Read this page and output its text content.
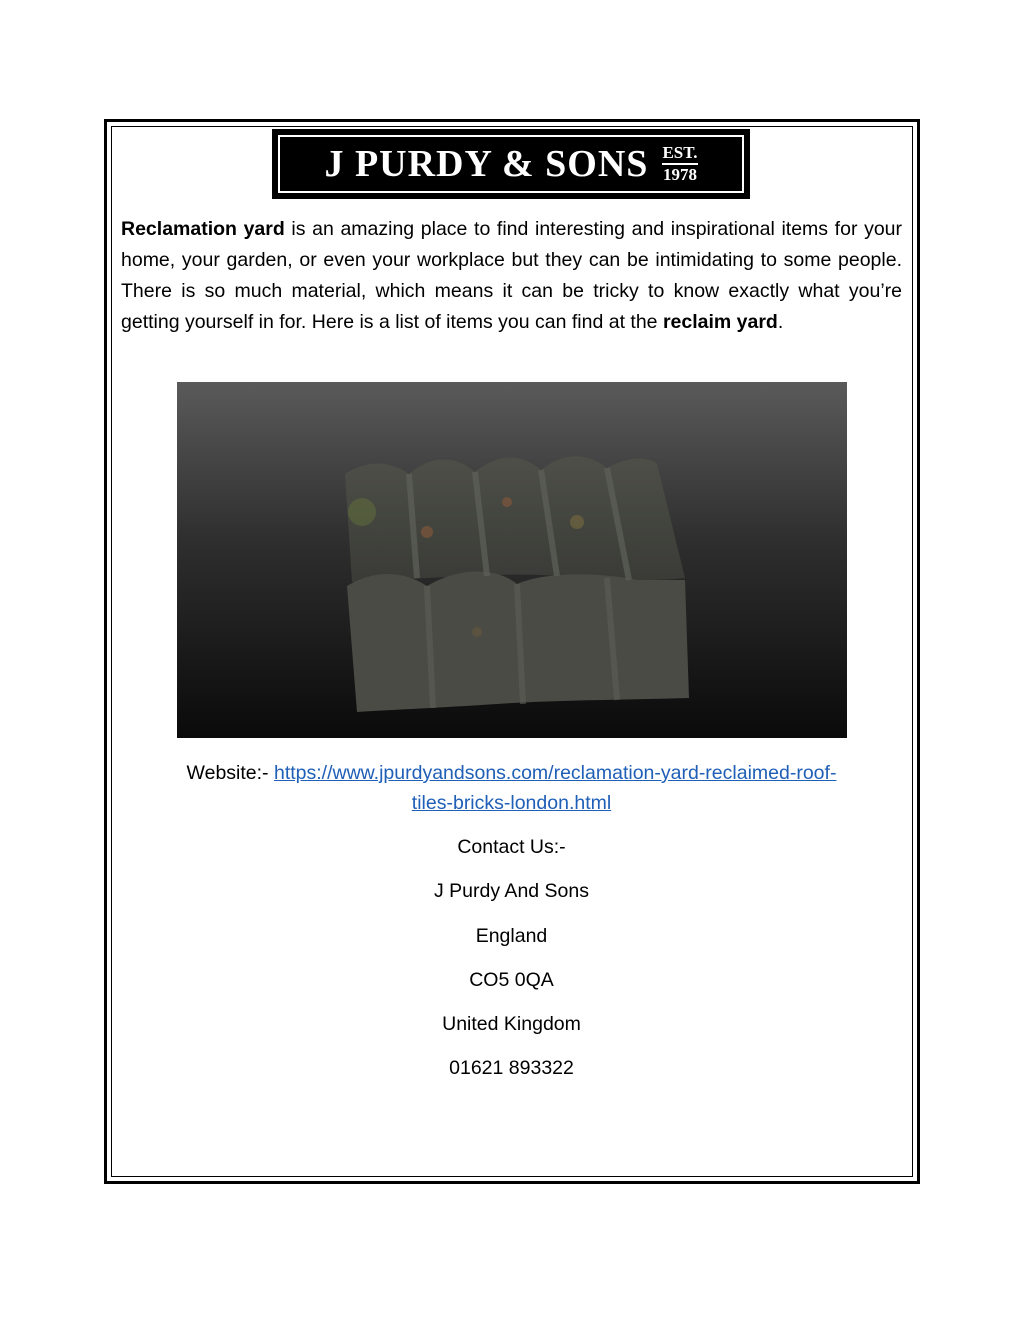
J PURDY & SONS EST.
1978

Reclamation yard is an amazing place to find interesting and inspirational items for your home, your garden, or even your workplace but they can be intimidating to some people. There is so much material, which means it can be tricky to know exactly what you’re getting yourself in for. Here is a list of items you can find at the reclaim yard.

Website:- https://www.jpurdyandsons.com/reclamation-yard-reclaimed-roof-
tiles-bricks-london.html

Contact Us:-

J Purdy And Sons

England

CO5 0QA

United Kingdom

01621 893322
